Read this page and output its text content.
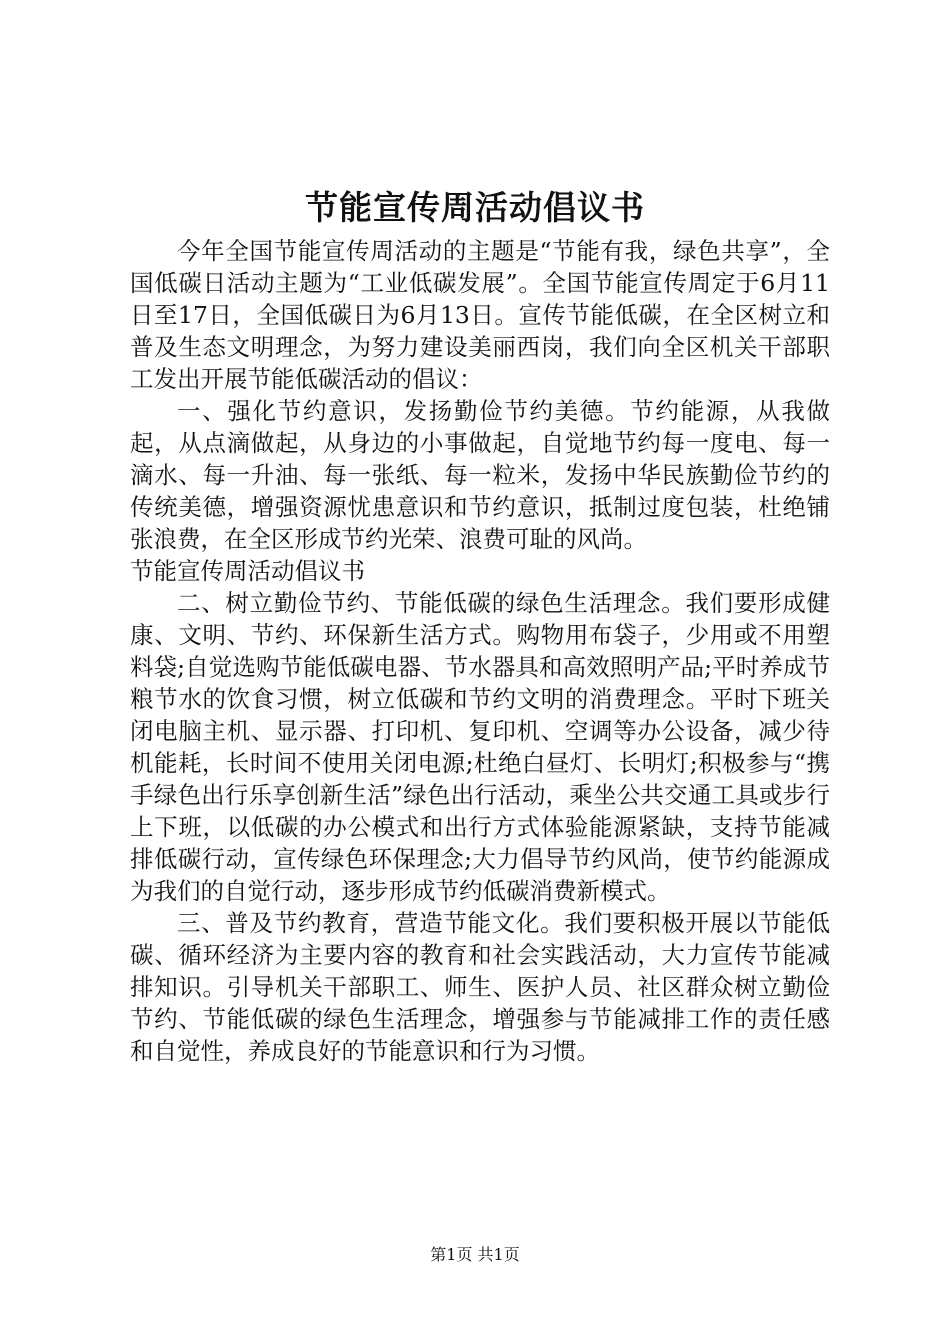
节能宣传周活动倡议书

今年全国节能宣传周活动的主题是“节能有我，绿色共享”，全国低碳日活动主题为“工业低碳发展”。全国节能宣传周定于6月11日至17日，全国低碳日为6月13日。宣传节能低碳，在全区树立和普及生态文明理念，为努力建设美丽西岗，我们向全区机关干部职工发出开展节能低碳活动的倡议：

一、强化节约意识，发扬勤俭节约美德。节约能源，从我做起，从点滴做起，从身边的小事做起，自觉地节约每一度电、每一滴水、每一升油、每一张纸、每一粒米，发扬中华民族勤俭节约的传统美德，增强资源忧患意识和节约意识，抵制过度包装，杜绝铺张浪费，在全区形成节约光荣、浪费可耻的风尚。

节能宣传周活动倡议书

二、树立勤俭节约、节能低碳的绿色生活理念。我们要形成健康、文明、节约、环保新生活方式。购物用布袋子，少用或不用塑料袋;自觉选购节能低碳电器、节水器具和高效照明产品;平时养成节粮节水的饮食习惯，树立低碳和节约文明的消费理念。平时下班关闭电脑主机、显示器、打印机、复印机、空调等办公设备，减少待机能耗，长时间不使用关闭电源;杜绝白昼灯、长明灯;积极参与“携手绿色出行乐享创新生活”绿色出行活动，乘坐公共交通工具或步行上下班，以低碳的办公模式和出行方式体验能源紧缺，支持节能减排低碳行动，宣传绿色环保理念;大力倡导节约风尚，使节约能源成为我们的自觉行动，逐步形成节约低碳消费新模式。

三、普及节约教育，营造节能文化。我们要积极开展以节能低碳、循环经济为主要内容的教育和社会实践活动，大力宣传节能减排知识。引导机关干部职工、师生、医护人员、社区群众树立勤俭节约、节能低碳的绿色生活理念，增强参与节能减排工作的责任感和自觉性，养成良好的节能意识和行为习惯。

第1页 共1页
